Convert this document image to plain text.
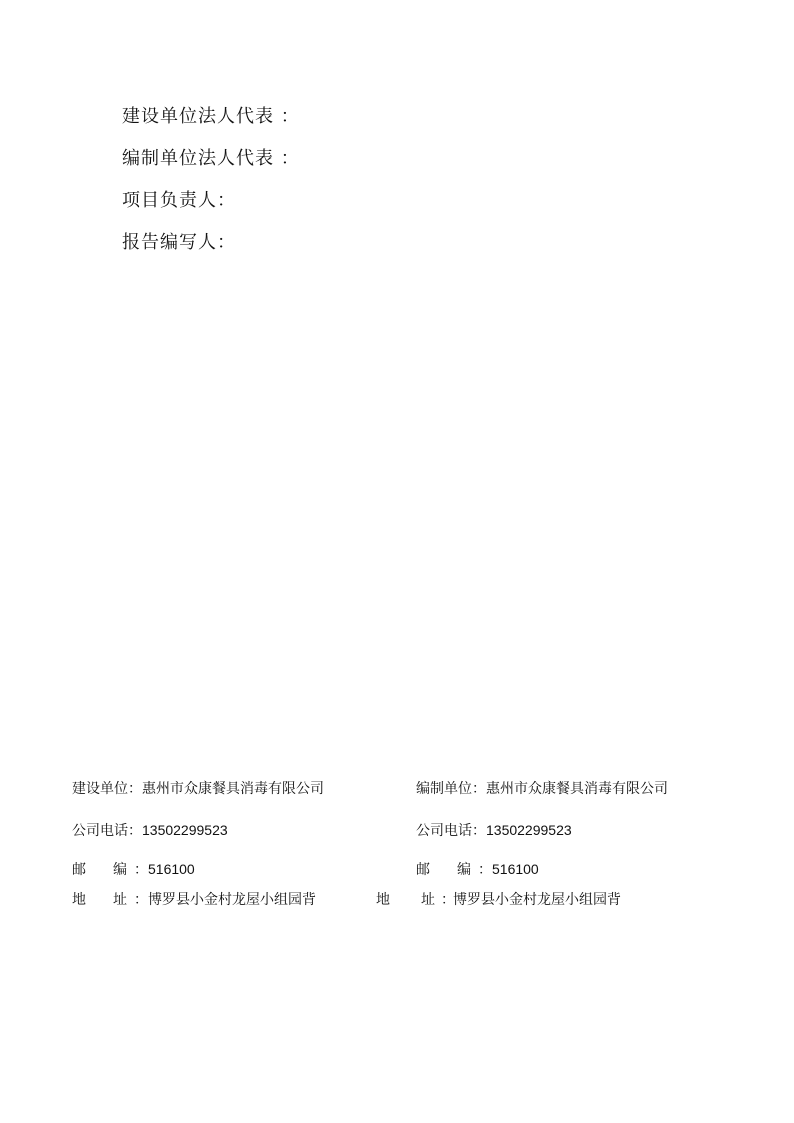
建设单位法人代表 ：
编制单位法人代表 ：
项目负责人：
报告编写人：
建设单位：惠州市众康餐具消毒有限公司
公司电话：13502299523
邮 编 ：516100
地 址 ：博罗县小金村龙屋小组园背
编制单位：惠州市众康餐具消毒有限公司
公司电话：13502299523
邮 编 ：516100
地 址 ：博罗县小金村龙屋小组园背
